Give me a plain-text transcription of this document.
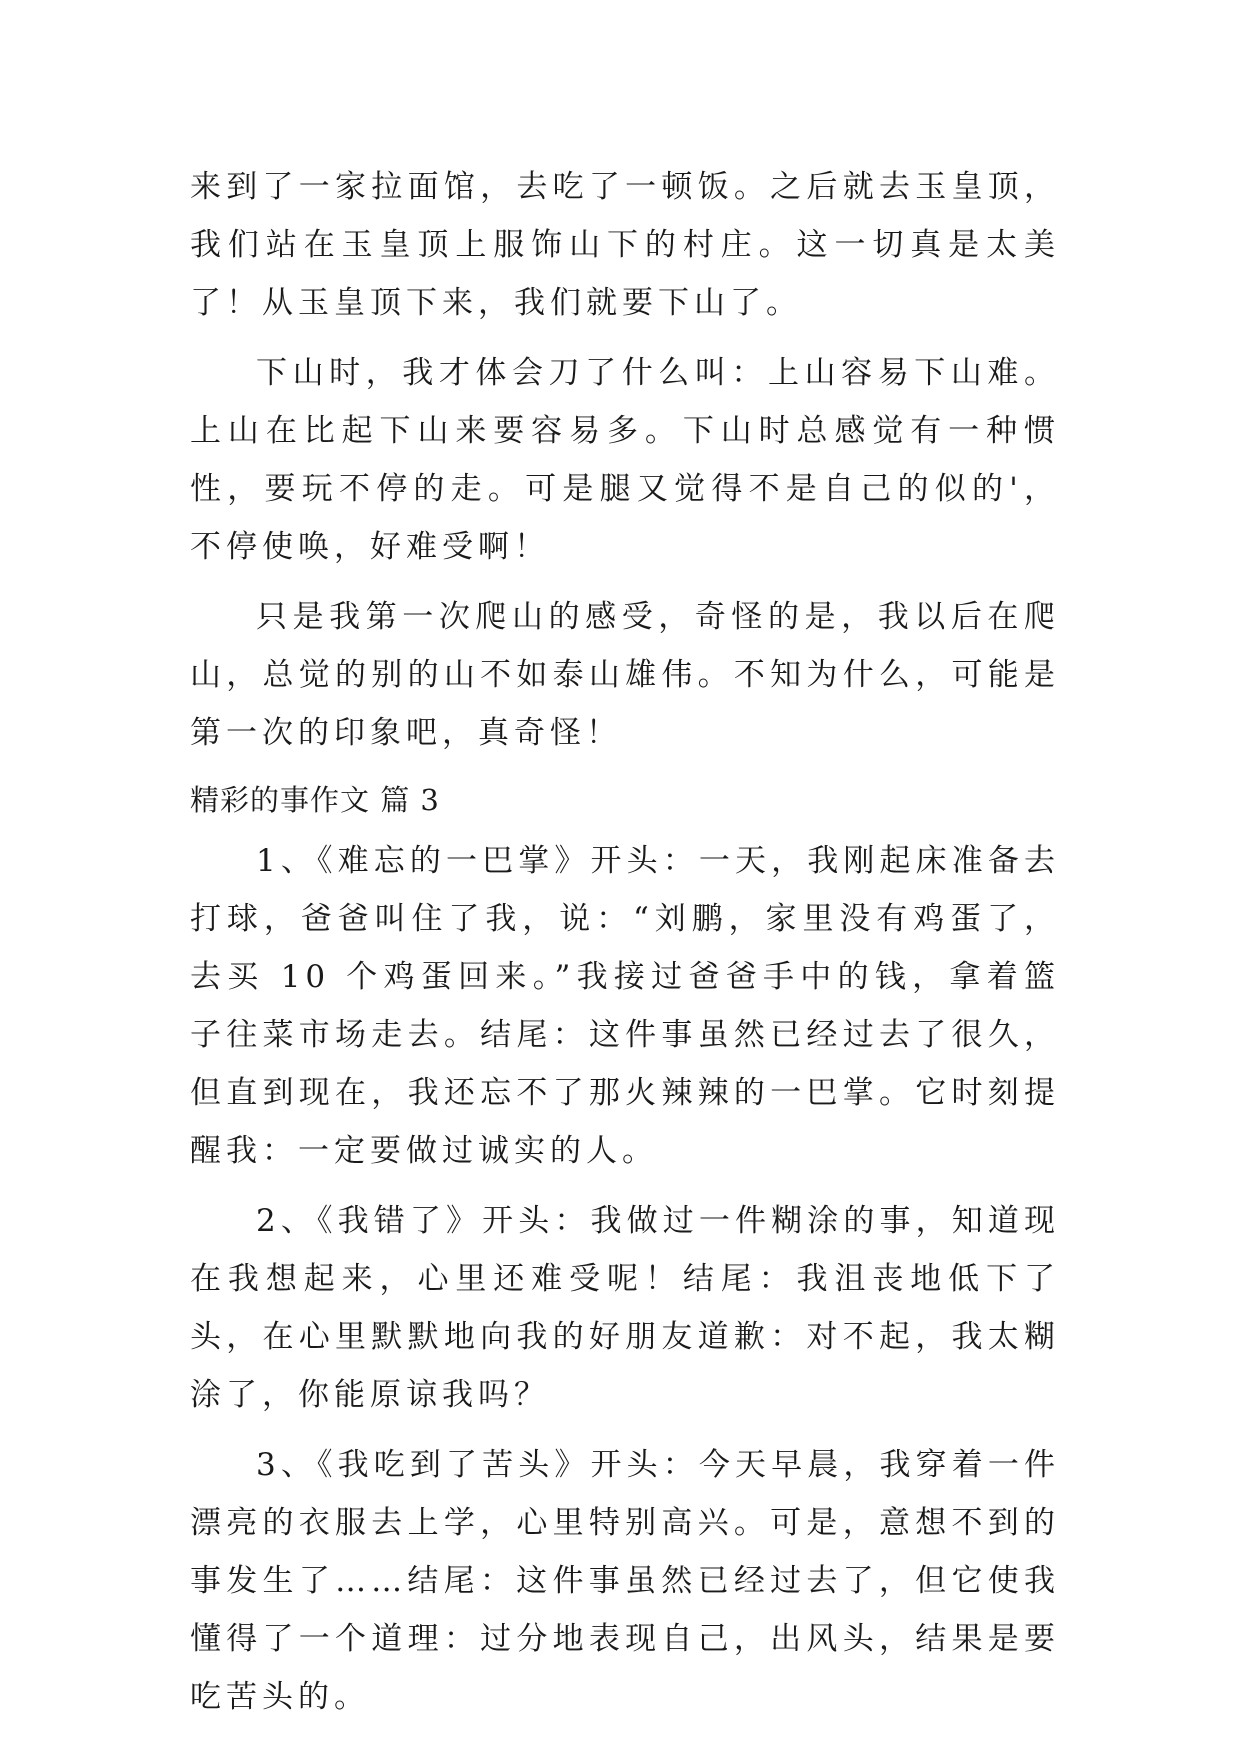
来到了一家拉面馆，去吃了一顿饭。之后就去玉皇顶，我们站在玉皇顶上服饰山下的村庄。这一切真是太美了！从玉皇顶下来，我们就要下山了。

下山时，我才体会刀了什么叫：上山容易下山难。上山在比起下山来要容易多。下山时总感觉有一种惯性，要玩不停的走。可是腿又觉得不是自己的似的'，不停使唤，好难受啊！

只是我第一次爬山的感受，奇怪的是，我以后在爬山，总觉的别的山不如泰山雄伟。不知为什么，可能是第一次的印象吧，真奇怪！

精彩的事作文 篇 3

1、《难忘的一巴掌》开头：一天，我刚起床准备去打球，爸爸叫住了我，说：“刘鹏，家里没有鸡蛋了，去买 10 个鸡蛋回来。”我接过爸爸手中的钱，拿着篮子往菜市场走去。结尾：这件事虽然已经过去了很久，但直到现在，我还忘不了那火辣辣的一巴掌。它时刻提醒我：一定要做过诚实的人。

2、《我错了》开头：我做过一件糊涂的事，知道现在我想起来，心里还难受呢！结尾：我沮丧地低下了头，在心里默默地向我的好朋友道歉：对不起，我太糊涂了，你能原谅我吗？

3、《我吃到了苦头》开头：今天早晨，我穿着一件漂亮的衣服去上学，心里特别高兴。可是，意想不到的事发生了……结尾：这件事虽然已经过去了，但它使我懂得了一个道理：过分地表现自己，出风头，结果是要吃苦头的。
